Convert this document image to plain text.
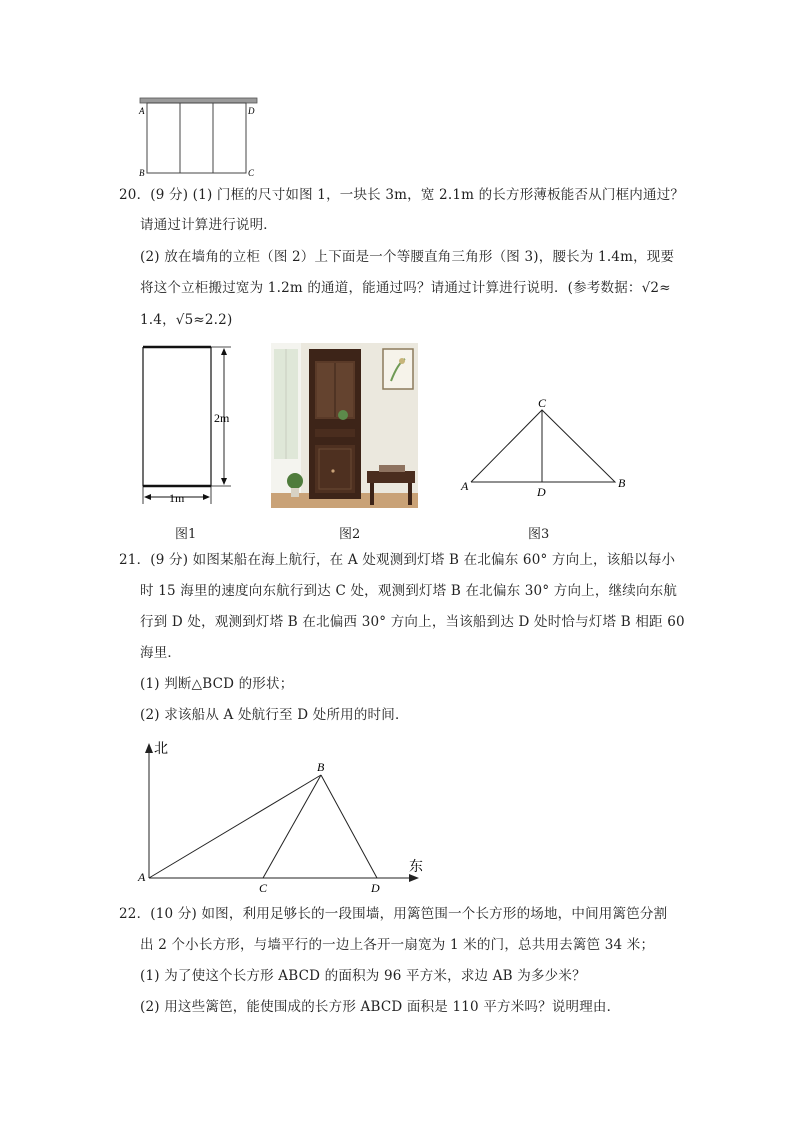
A	D
B	C
20．(9 分) (1) 门框的尺寸如图 1，一块长 3m，宽 2.1m 的长方形薄板能否从门框内通过？
请通过计算进行说明．
(2) 放在墙角的立柜（图 2）上下面是一个等腰直角三角形（图 3)，腰长为 1.4m，现要
将这个立柜搬过宽为 1.2m 的通道，能通过吗？请通过计算进行说明．(参考数据：√2≈
1.4，√5≈2.2)
2m
1m
图1	图2
C
A	B
D
图3
21．(9 分) 如图某船在海上航行，在 A 处观测到灯塔 B 在北偏东 60° 方向上，该船以每小
时 15 海里的速度向东航行到达 C 处，观测到灯塔 B 在北偏东 30° 方向上，继续向东航
行到 D 处，观测到灯塔 B 在北偏西 30° 方向上，当该船到达 D 处时恰与灯塔 B 相距 60
海里．
(1) 判断△BCD 的形状；
(2) 求该船从 A 处航行至 D 处所用的时间．
北
东
B
A
C	D
22．(10 分) 如图，利用足够长的一段围墙，用篱笆围一个长方形的场地，中间用篱笆分割
出 2 个小长方形，与墙平行的一边上各开一扇宽为 1 米的门，总共用去篱笆 34 米；
(1) 为了使这个长方形 ABCD 的面积为 96 平方米，求边 AB 为多少米？
(2) 用这些篱笆，能使围成的长方形 ABCD 面积是 110 平方米吗？说明理由．
